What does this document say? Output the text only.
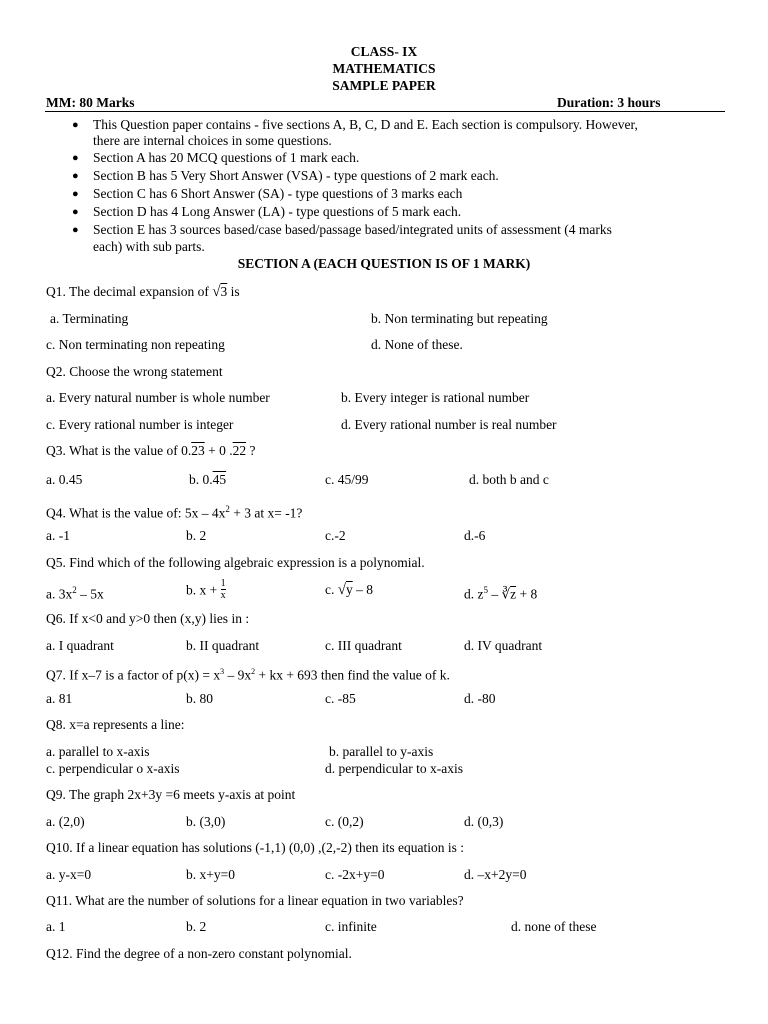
CLASS- IX
MATHEMATICS
SAMPLE PAPER
MM: 80 Marks	Duration: 3 hours
● This Question paper contains - five sections A, B, C, D and E. Each section is compulsory. However,
there are internal choices in some questions.
● Section A has 20 MCQ questions of 1 mark each.
● Section B has 5 Very Short Answer (VSA) - type questions of 2 mark each.
● Section C has 6 Short Answer (SA) - type questions of 3 marks each
● Section D has 4 Long Answer (LA) - type questions of 5 mark each.
● Section E has 3 sources based/case based/passage based/integrated units of assessment (4 marks
each) with sub parts.
SECTION A (EACH QUESTION IS OF 1 MARK)
Q1. The decimal expansion of √3 is
a. Terminating	b. Non terminating but repeating
c. Non terminating non repeating	d. None of these.
Q2. Choose the wrong statement
a. Every natural number is whole number	b. Every integer is rational number
c. Every rational number is integer	d. Every rational number is real number
Q3. What is the value of 0.23 + 0 .22 ?
a. 0.45	b. 0.45	c. 45/99	d. both b and c
Q4. What is the value of: $5x - 4x^2 + 3$ at x= -1?
a. -1	b. 2	c.-2	d.-6
Q5. Find which of the following algebraic expression is a polynomial.
a. $3x^2 - 5x$	b. $x + \frac{1}{x}$	c. √y – 8	d. $z^5$ – $∛\overline{z} + 8$
Q6. If x<0 and y>0 then (x,y) lies in :
a. I quadrant	b. II quadrant	c. III quadrant	d. IV quadrant
Q7. If x–7 is a factor of $p(x) = x^3 - 9x^2$ + kx + 693 then find the value of k.
a. 81	b. 80	c. -85	d. -80
Q8. x=a represents a line:
a. parallel to x-axis	b. parallel to y-axis
c. perpendicular o x-axis	d. perpendicular to x-axis
Q9. The graph 2x+3y =6 meets y-axis at point
a. (2,0)	b. (3,0)	c. (0,2)	d. (0,3)
Q10. If a linear equation has solutions (-1,1) (0,0) ,(2,-2) then its equation is :
a. y-x=0	b. x+y=0	c. -2x+y=0	d. –x+2y=0
Q11. What are the number of solutions for a linear equation in two variables?
a. 1	b. 2	c. infinite	d. none of these
Q12. Find the degree of a non-zero constant polynomial.
